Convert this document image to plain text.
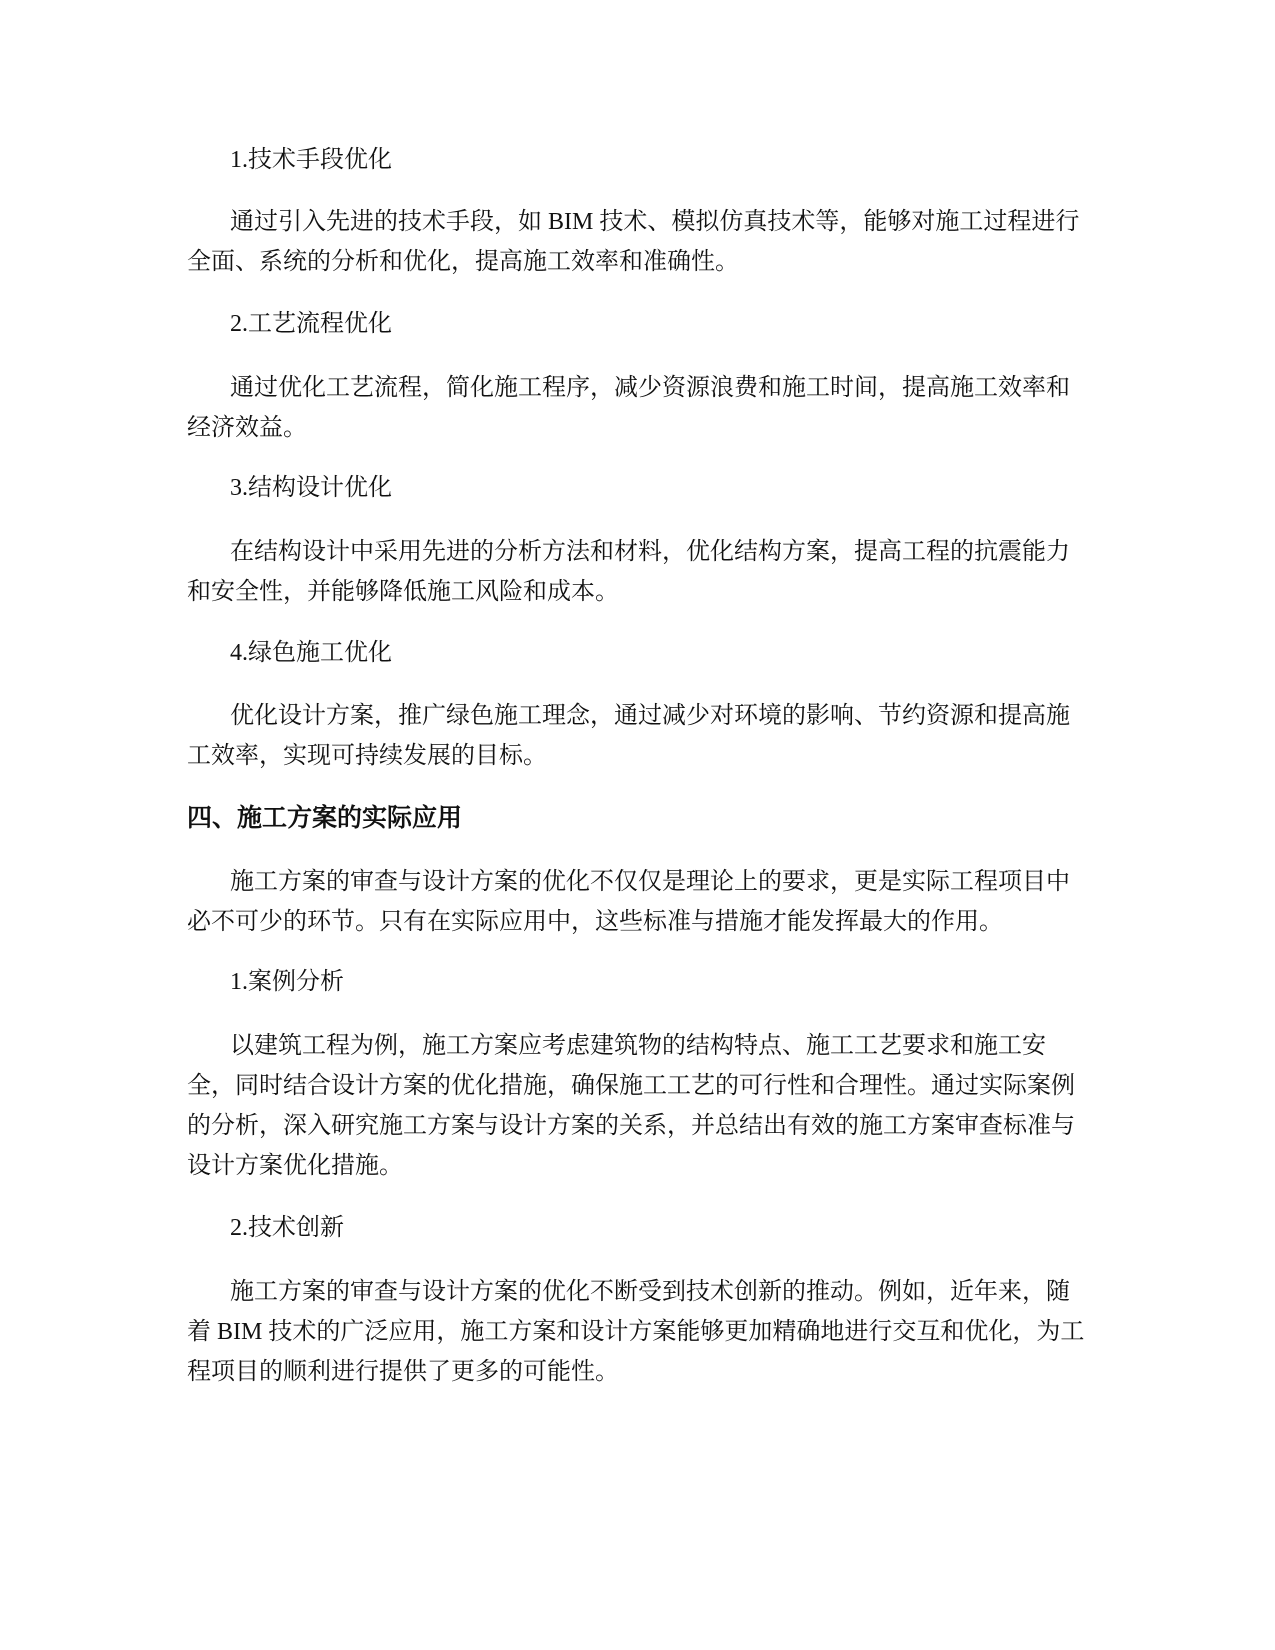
1.技术手段优化

通过引入先进的技术手段，如 BIM 技术、模拟仿真技术等，能够对施工过程进行全面、系统的分析和优化，提高施工效率和准确性。

2.工艺流程优化

通过优化工艺流程，简化施工程序，减少资源浪费和施工时间，提高施工效率和经济效益。

3.结构设计优化

在结构设计中采用先进的分析方法和材料，优化结构方案，提高工程的抗震能力和安全性，并能够降低施工风险和成本。

4.绿色施工优化

优化设计方案，推广绿色施工理念，通过减少对环境的影响、节约资源和提高施工效率，实现可持续发展的目标。

四、施工方案的实际应用

施工方案的审查与设计方案的优化不仅仅是理论上的要求，更是实际工程项目中必不可少的环节。只有在实际应用中，这些标准与措施才能发挥最大的作用。

1.案例分析

以建筑工程为例，施工方案应考虑建筑物的结构特点、施工工艺要求和施工安全，同时结合设计方案的优化措施，确保施工工艺的可行性和合理性。通过实际案例的分析，深入研究施工方案与设计方案的关系，并总结出有效的施工方案审查标准与设计方案优化措施。

2.技术创新

施工方案的审查与设计方案的优化不断受到技术创新的推动。例如，近年来，随着 BIM 技术的广泛应用，施工方案和设计方案能够更加精确地进行交互和优化，为工程项目的顺利进行提供了更多的可能性。
